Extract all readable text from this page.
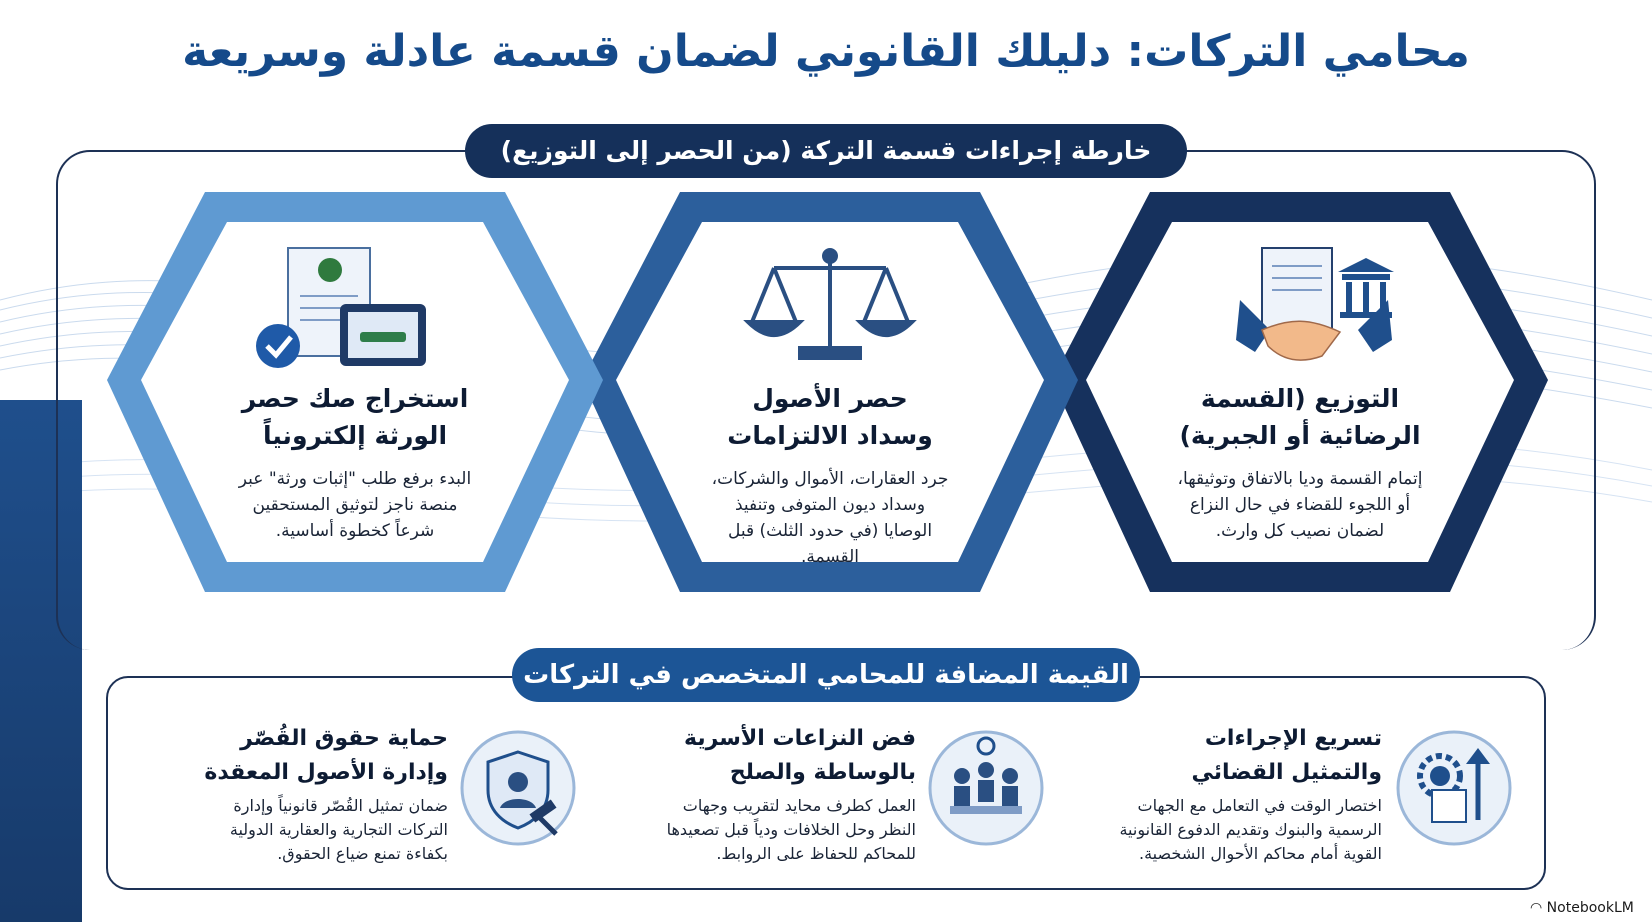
محامي التركات: دليلك القانوني لضمان قسمة عادلة وسريعة
خارطة إجراءات قسمة التركة (من الحصر إلى التوزيع)
التوزيع (القسمة
الرضائية أو الجبرية)
إتمام القسمة وديا بالاتفاق وتوثيقها،
أو اللجوء للقضاء في حال النزاع
لضمان نصيب كل وارث.
حصر الأصول
وسداد الالتزامات
جرد العقارات، الأموال والشركات،
وسداد ديون المتوفى وتنفيذ
الوصايا (في حدود الثلث) قبل
القسمة.
استخراج صك حصر
الورثة إلكترونياً
البدء برفع طلب "إثبات ورثة" عبر
منصة ناجز لتوثيق المستحقين
شرعاً كخطوة أساسية.
القيمة المضافة للمحامي المتخصص في التركات
تسريع الإجراءات
والتمثيل القضائي
اختصار الوقت في التعامل مع الجهات
الرسمية والبنوك وتقديم الدفوع القانونية
القوية أمام محاكم الأحوال الشخصية.
فض النزاعات الأسرية
بالوساطة والصلح
العمل كطرف محايد لتقريب وجهات
النظر وحل الخلافات ودياً قبل تصعيدها
للمحاكم للحفاظ على الروابط.
حماية حقوق القُصّر
وإدارة الأصول المعقدة
ضمان تمثيل القُصّر قانونياً وإدارة
التركات التجارية والعقارية الدولية
بكفاءة تمنع ضياع الحقوق.
◠ NotebookLM
